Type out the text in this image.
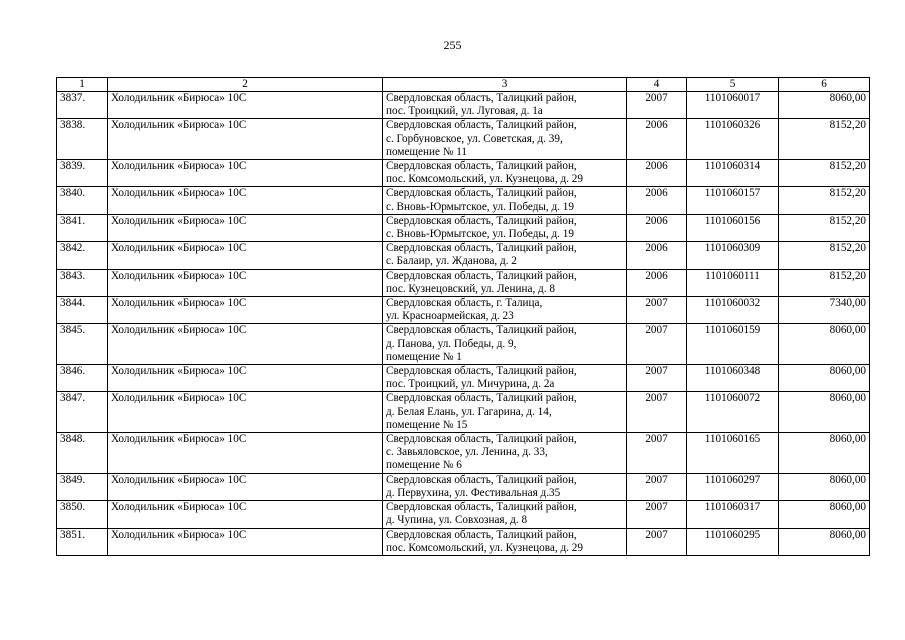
255
1	2	3	4	5	6
3837.	Холодильник «Бирюса» 10С	Свердловская область, Талицкий район,
пос. Троицкий, ул. Луговая, д. 1а	2007	1101060017	8060,00
3838.	Холодильник «Бирюса» 10С	Свердловская область, Талицкий район,
с. Горбуновское, ул. Советская, д. 39,
помещение № 11	2006	1101060326	8152,20
3839.	Холодильник «Бирюса» 10С	Свердловская область, Талицкий район,
пос. Комсомольский, ул. Кузнецова, д. 29	2006	1101060314	8152,20
3840.	Холодильник «Бирюса» 10С	Свердловская область, Талицкий район,
с. Вновь-Юрмытское, ул. Победы, д. 19	2006	1101060157	8152,20
3841.	Холодильник «Бирюса» 10С	Свердловская область, Талицкий район,
с. Вновь-Юрмытское, ул. Победы, д. 19	2006	1101060156	8152,20
3842.	Холодильник «Бирюса» 10С	Свердловская область, Талицкий район,
с. Балаир, ул. Жданова, д. 2	2006	1101060309	8152,20
3843.	Холодильник «Бирюса» 10С	Свердловская область, Талицкий район,
пос. Кузнецовский, ул. Ленина, д. 8	2006	1101060111	8152,20
3844.	Холодильник «Бирюса» 10С	Свердловская область, г. Талица,
ул. Красноармейская, д. 23	2007	1101060032	7340,00
3845.	Холодильник «Бирюса» 10С	Свердловская область, Талицкий район,
д. Панова, ул. Победы, д. 9,
помещение № 1	2007	1101060159	8060,00
3846.	Холодильник «Бирюса» 10С	Свердловская область, Талицкий район,
пос. Троицкий, ул. Мичурина, д. 2а	2007	1101060348	8060,00
3847.	Холодильник «Бирюса» 10С	Свердловская область, Талицкий район,
д. Белая Елань, ул. Гагарина, д. 14,
помещение № 15	2007	1101060072	8060,00
3848.	Холодильник «Бирюса» 10С	Свердловская область, Талицкий район,
с. Завьяловское, ул. Ленина, д. 33,
помещение № 6	2007	1101060165	8060,00
3849.	Холодильник «Бирюса» 10С	Свердловская область, Талицкий район,
д. Первухина, ул. Фестивальная д.35	2007	1101060297	8060,00
3850.	Холодильник «Бирюса» 10С	Свердловская область, Талицкий район,
д. Чупина, ул. Совхозная, д. 8	2007	1101060317	8060,00
3851.	Холодильник «Бирюса» 10С	Свердловская область, Талицкий район,
пос. Комсомольский, ул. Кузнецова, д. 29	2007	1101060295	8060,00
